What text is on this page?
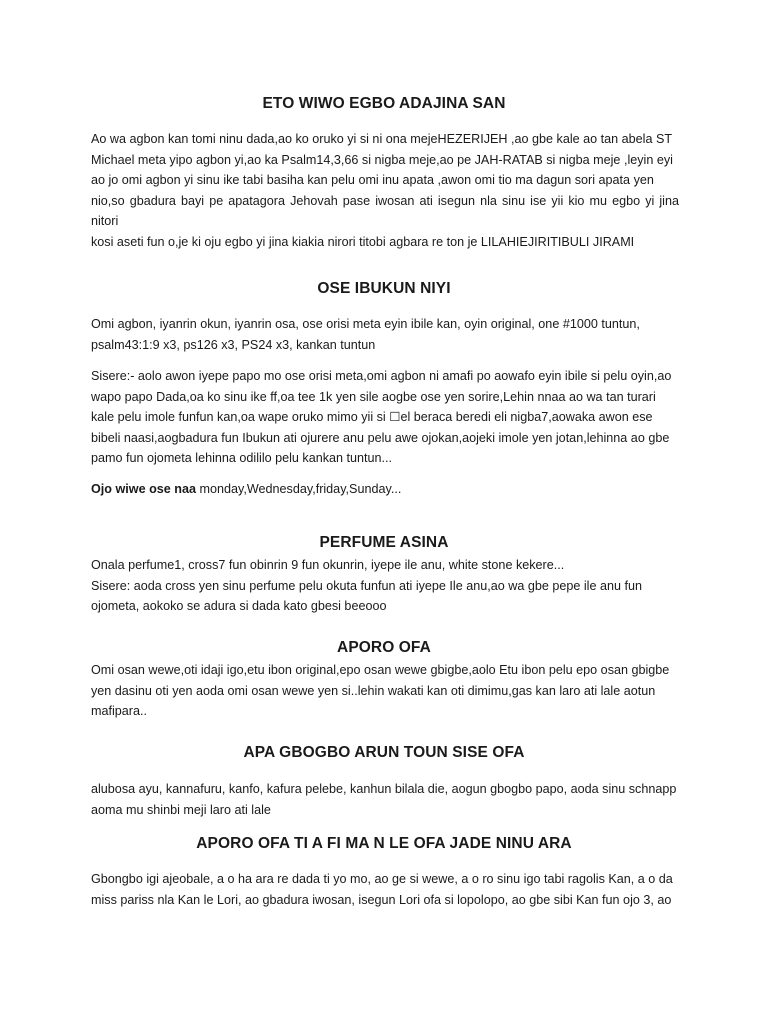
ETO WIWO EGBO ADAJINA SAN

Ao wa agbon kan tomi ninu dada,ao ko oruko yi si ni ona mejeHEZERIJEH ,ao gbe kale ao tan abela ST
Michael meta yipo agbon yi,ao ka Psalm14,3,66 si nigba meje,ao pe JAH-RATAB si nigba meje ,leyin eyi
ao jo omi agbon yi sinu ike tabi basiha kan pelu omi inu apata ,awon omi tio ma dagun sori apata yen
nio,so gbadura bayi pe apatagora Jehovah pase iwosan ati isegun nla sinu ise yii kio mu egbo yi jina nitori
kosi aseti fun o,je ki oju egbo yi jina kiakia nirori titobi agbara re ton je LILAHIEJIRITIBULI JIRAMI

OSE IBUKUN NIYI

Omi agbon, iyanrin okun, iyanrin osa, ose orisi meta eyin ibile kan, oyin original, one #1000 tuntun,
psalm43:1:9 x3, ps126 x3, PS24 x3, kankan tuntun

Sisere:- aolo awon iyepe papo mo ose orisi meta,omi agbon ni amafi po aowafo eyin ibile si pelu oyin,ao
wapo papo Dada,oa ko sinu ike ff,oa tee 1k yen sile aogbe ose yen sorire,Lehin nnaa ao wa tan turari
kale pelu imole funfun kan,oa wape oruko mimo yii si ☐el beraca beredi eli nigba7,aowaka awon ese
bibeli naasi,aogbadura fun Ibukun ati ojurere anu pelu awe ojokan,aojeki imole yen jotan,lehinna ao gbe
pamo fun ojometa lehinna odililo pelu kankan tuntun...

Ojo wiwe ose naa monday,Wednesday,friday,Sunday...

PERFUME ASINA

Onala perfume1, cross7 fun obinrin 9 fun okunrin, iyepe ile anu, white stone kekere...
Sisere: aoda cross yen sinu perfume pelu okuta funfun ati iyepe Ile anu,ao wa gbe pepe ile anu fun
ojometa, aokoko se adura si dada kato gbesi beeooo

APORO OFA

Omi osan wewe,oti idaji igo,etu ibon original,epo osan wewe gbigbe,aolo Etu ibon pelu epo osan gbigbe
yen dasinu oti yen aoda omi osan wewe yen si..lehin wakati kan oti dimimu,gas kan laro ati lale aotun
mafipara..

APA GBOGBO ARUN TOUN SISE OFA

alubosa ayu, kannafuru, kanfo, kafura pelebe, kanhun bilala die, aogun gbogbo papo, aoda sinu schnapp
aoma mu shinbi meji laro ati lale

APORO OFA TI A FI MA N LE OFA JADE NINU ARA

Gbongbo igi ajeobale, a o ha ara re dada ti yo mo, ao ge si wewe, a o ro sinu igo tabi ragolis Kan, a o da
miss pariss nla Kan le Lori, ao gbadura iwosan, isegun Lori ofa si lopolopo, ao gbe sibi Kan fun ojo 3, ao
